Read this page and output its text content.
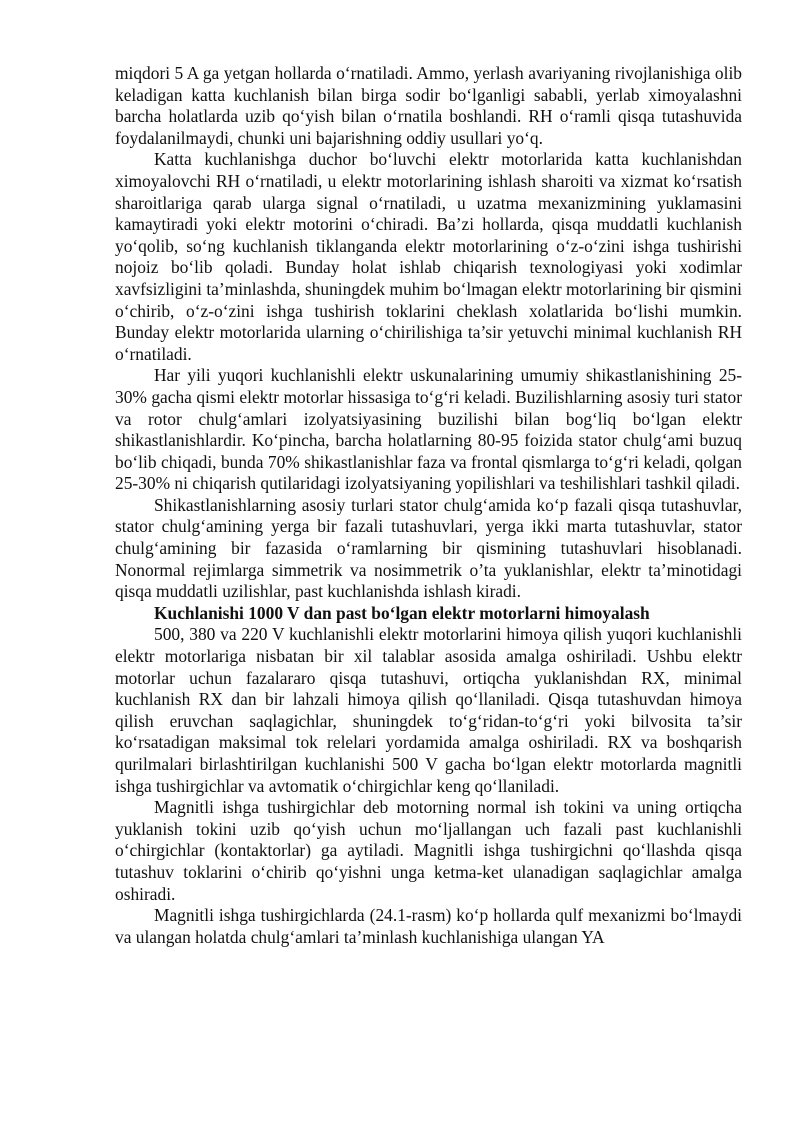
miqdori 5 A ga yetgan hollarda o‘rnatiladi. Ammo, yerlash avariyaning rivojlanishiga olib keladigan katta kuchlanish bilan birga sodir bo‘lganligi sababli, yerlab ximoyalashni barcha holatlarda uzib qo‘yish bilan o‘rnatila boshlandi. RH o‘ramli qisqa tutashuvida foydalanilmaydi, chunki uni bajarishning oddiy usullari yo‘q.

Katta kuchlanishga duchor bo‘luvchi elektr motorlarida katta kuchlanishdan ximoyalovchi RH o‘rnatiladi, u elektr motorlarining ishlash sharoiti va xizmat ko‘rsatish sharoitlariga qarab ularga signal o‘rnatiladi, u uzatma mexanizmining yuklamasini kamaytiradi yoki elektr motorini o‘chiradi. Ba’zi hollarda, qisqa muddatli kuchlanish yo‘qolib, so‘ng kuchlanish tiklanganda elektr motorlarining o‘z-o‘zini ishga tushirishi nojoiz bo‘lib qoladi. Bunday holat ishlab chiqarish texnologiyasi yoki xodimlar xavfsizligini ta’minlashda, shuningdek muhim bo‘lmagan elektr motorlarining bir qismini o‘chirib, o‘z-o‘zini ishga tushirish toklarini cheklash xolatlarida bo‘lishi mumkin. Bunday elektr motorlarida ularning o‘chirilishiga ta’sir yetuvchi minimal kuchlanish RH o‘rnatiladi.

Har yili yuqori kuchlanishli elektr uskunalarining umumiy shikastlanishining 25-30% gacha qismi elektr motorlar hissasiga to‘g‘ri keladi. Buzilishlarning asosiy turi stator va rotor chulg‘amlari izolyatsiyasining buzilishi bilan bog‘liq bo‘lgan elektr shikastlanishlardir. Ko‘pincha, barcha holatlarning 80-95 foizida stator chulg‘ami buzuq bo‘lib chiqadi, bunda 70% shikastlanishlar faza va frontal qismlarga to‘g‘ri keladi, qolgan 25-30% ni chiqarish qutilaridagi izolyatsiyaning yopilishlari va teshilishlari tashkil qiladi.

Shikastlanishlarning asosiy turlari stator chulg‘amida ko‘p fazali qisqa tutashuvlar, stator chulg‘amining yerga bir fazali tutashuvlari, yerga ikki marta tutashuvlar, stator chulg‘amining bir fazasida o‘ramlarning bir qismining tutashuvlari hisoblanadi. Nonormal rejimlarga simmetrik va nosimmetrik o’ta yuklanishlar, elektr ta’minotidagi qisqa muddatli uzilishlar, past kuchlanishda ishlash kiradi.

Kuchlanishi 1000 V dan past bo‘lgan elektr motorlarni himoyalash

500, 380 va 220 V kuchlanishli elektr motorlarini himoya qilish yuqori kuchlanishli elektr motorlariga nisbatan bir xil talablar asosida amalga oshiriladi. Ushbu elektr motorlar uchun fazalararo qisqa tutashuvi, ortiqcha yuklanishdan RX, minimal kuchlanish RX dan bir lahzali himoya qilish qo‘llaniladi. Qisqa tutashuvdan himoya qilish eruvchan saqlagichlar, shuningdek to‘g‘ridan-to‘g‘ri yoki bilvosita ta’sir ko‘rsatadigan maksimal tok relelari yordamida amalga oshiriladi. RX va boshqarish qurilmalari birlashtirilgan kuchlanishi 500 V gacha bo‘lgan elektr motorlarda magnitli ishga tushirgichlar va avtomatik o‘chirgichlar keng qo‘llaniladi.

Magnitli ishga tushirgichlar deb motorning normal ish tokini va uning ortiqcha yuklanish tokini uzib qo‘yish uchun mo‘ljallangan uch fazali past kuchlanishli o‘chirgichlar (kontaktorlar) ga aytiladi. Magnitli ishga tushirgichni qo‘llashda qisqa tutashuv toklarini o‘chirib qo‘yishni unga ketma-ket ulanadigan saqlagichlar amalga oshiradi.

Magnitli ishga tushirgichlarda (24.1-rasm) ko‘p hollarda qulf mexanizmi bo‘lmaydi va ulangan holatda chulg‘amlari ta’minlash kuchlanishiga ulangan YA
